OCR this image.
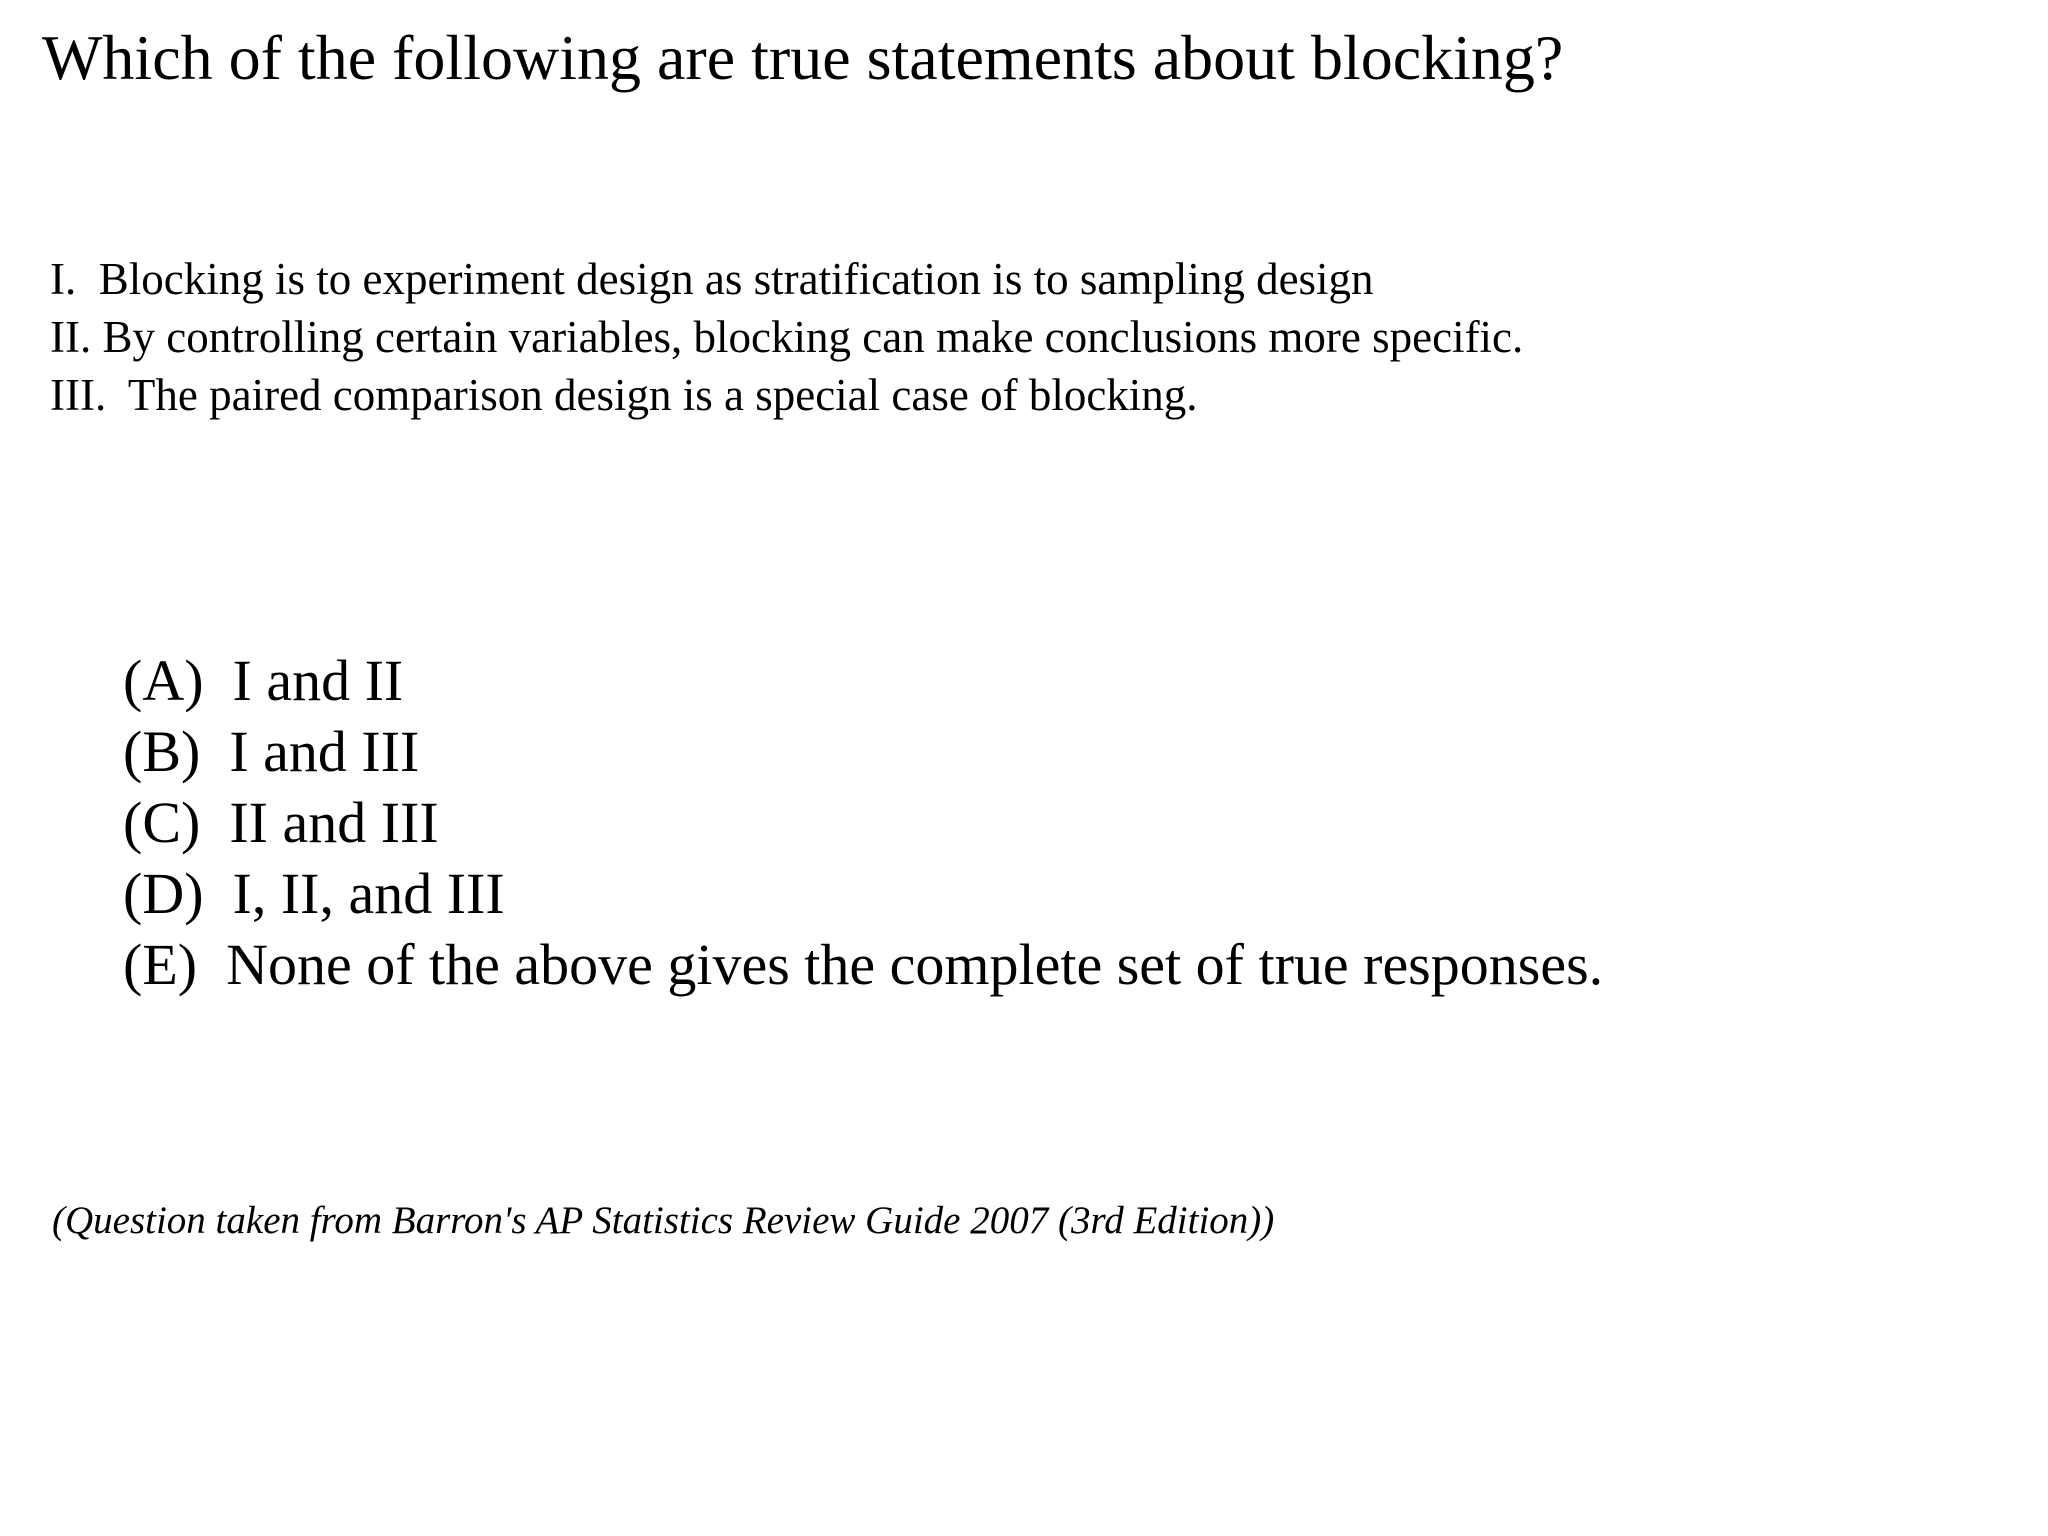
Which of the following are true statements about blocking?
I. Blocking is to experiment design as stratification is to sampling design
II. By controlling certain variables, blocking can make conclusions more specific.
III. The paired comparison design is a special case of blocking.
(A) I and II
(B) I and III
(C) II and III
(D) I, II, and III
(E) None of the above gives the complete set of true responses.

(Question taken from Barron's AP Statistics Review Guide 2007 (3rd Edition))
